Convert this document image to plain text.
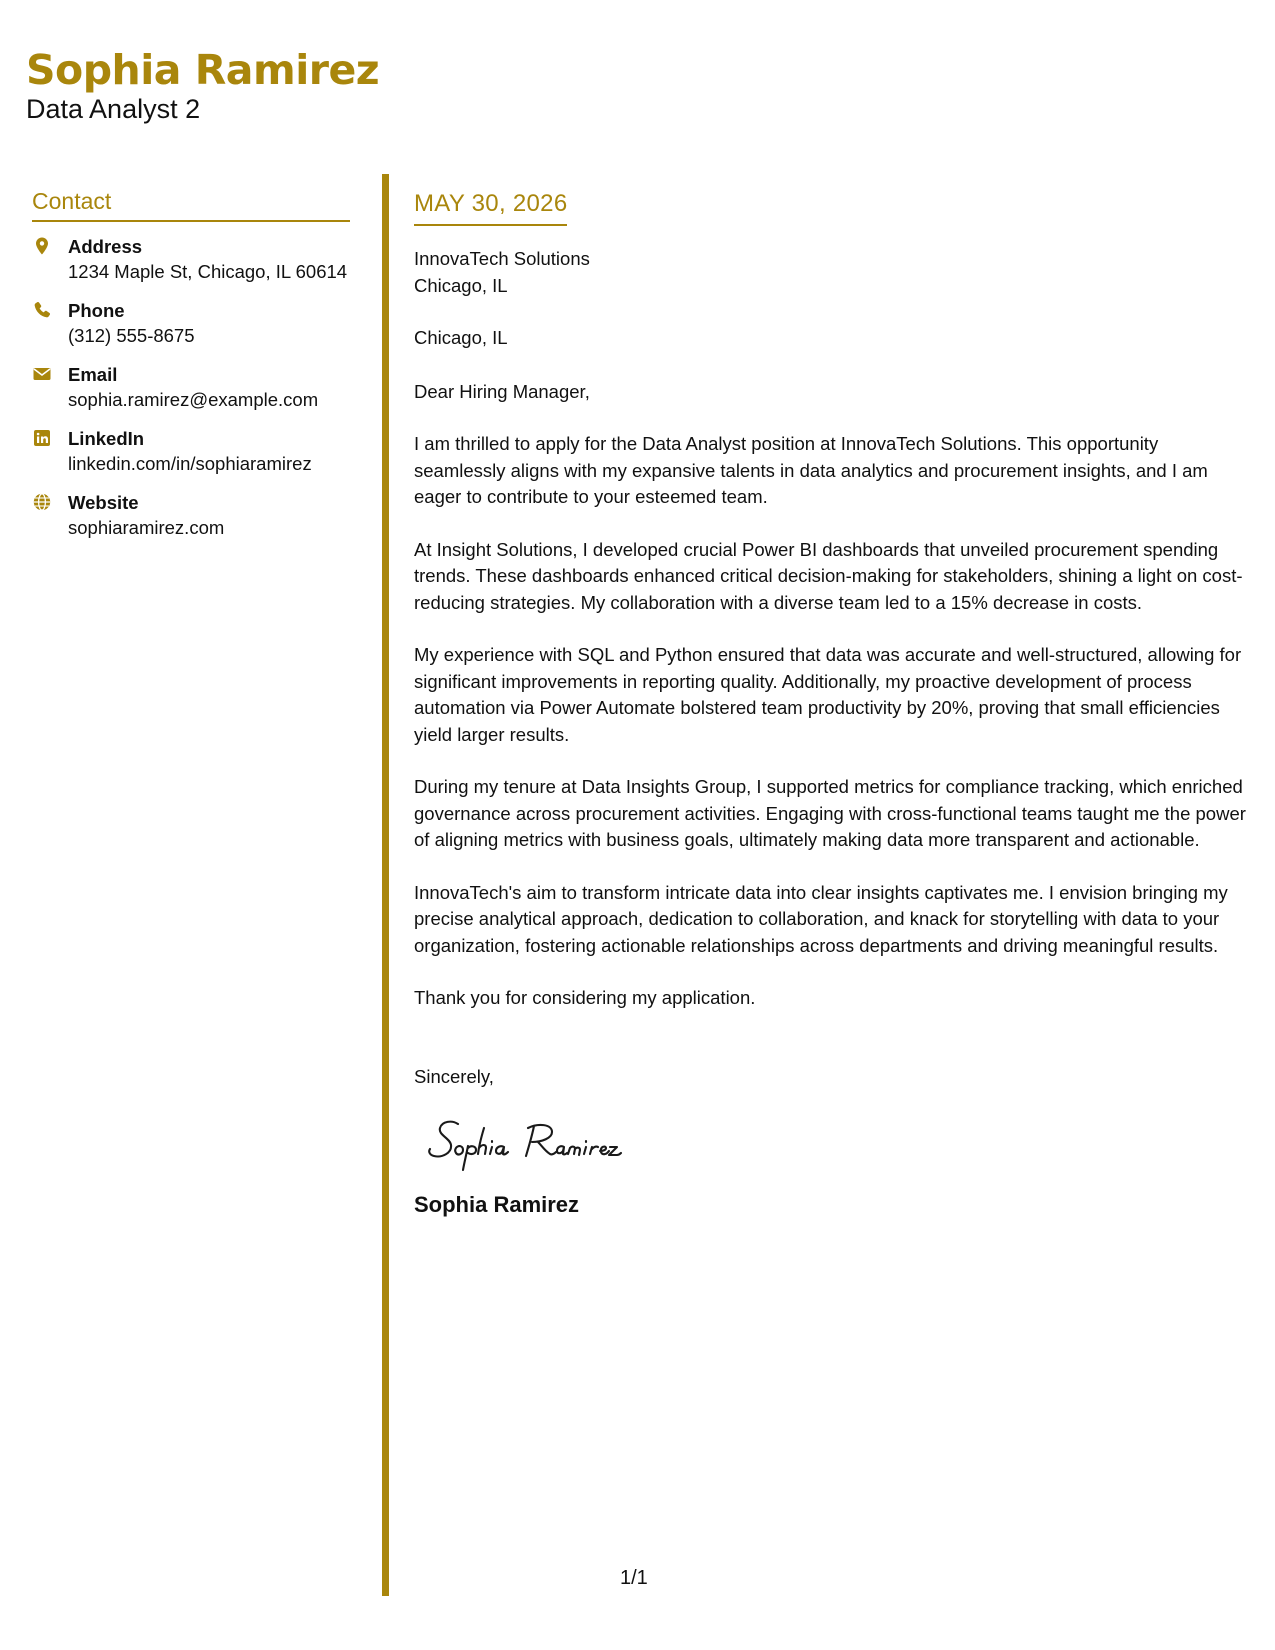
Sophia Ramirez
Data Analyst 2
Contact
Address
1234 Maple St, Chicago, IL 60614
Phone
(312) 555-8675
Email
sophia.ramirez@example.com
LinkedIn
linkedin.com/in/sophiaramirez
Website
sophiaramirez.com
MAY 30, 2026
InnovaTech Solutions
Chicago, IL
Chicago, IL
Dear Hiring Manager,
I am thrilled to apply for the Data Analyst position at InnovaTech Solutions. This opportunity seamlessly aligns with my expansive talents in data analytics and procurement insights, and I am eager to contribute to your esteemed team.
At Insight Solutions, I developed crucial Power BI dashboards that unveiled procurement spending trends. These dashboards enhanced critical decision-making for stakeholders, shining a light on cost-reducing strategies. My collaboration with a diverse team led to a 15% decrease in costs.
My experience with SQL and Python ensured that data was accurate and well-structured, allowing for significant improvements in reporting quality. Additionally, my proactive development of process automation via Power Automate bolstered team productivity by 20%, proving that small efficiencies yield larger results.
During my tenure at Data Insights Group, I supported metrics for compliance tracking, which enriched governance across procurement activities. Engaging with cross-functional teams taught me the power of aligning metrics with business goals, ultimately making data more transparent and actionable.
InnovaTech's aim to transform intricate data into clear insights captivates me. I envision bringing my precise analytical approach, dedication to collaboration, and knack for storytelling with data to your organization, fostering actionable relationships across departments and driving meaningful results.
Thank you for considering my application.
Sincerely,
Sophia Ramirez
1/1
